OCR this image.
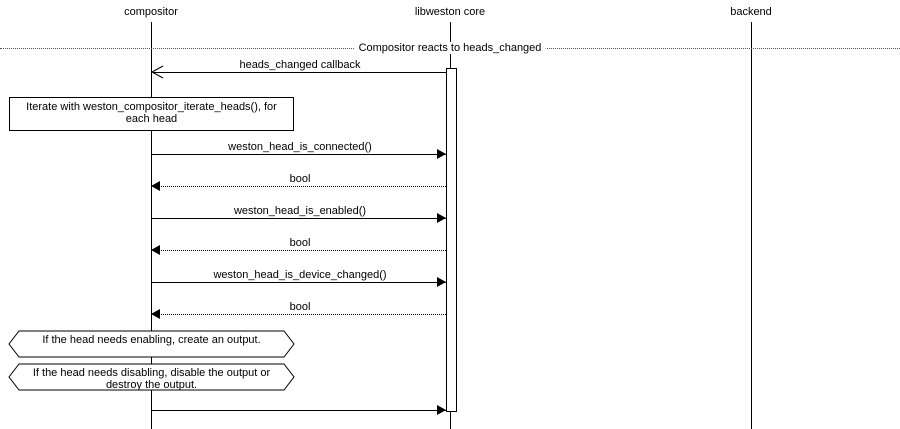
compositor	libweston core	backend
Compositor reacts to heads_changed
heads_changed callback
Iterate with weston_compositor_iterate_heads(), for each head
weston_head_is_connected()
bool
weston_head_is_enabled()
bool
weston_head_is_device_changed()
bool
If the head needs enabling, create an output.
If the head needs disabling, disable the output or destroy the output.
